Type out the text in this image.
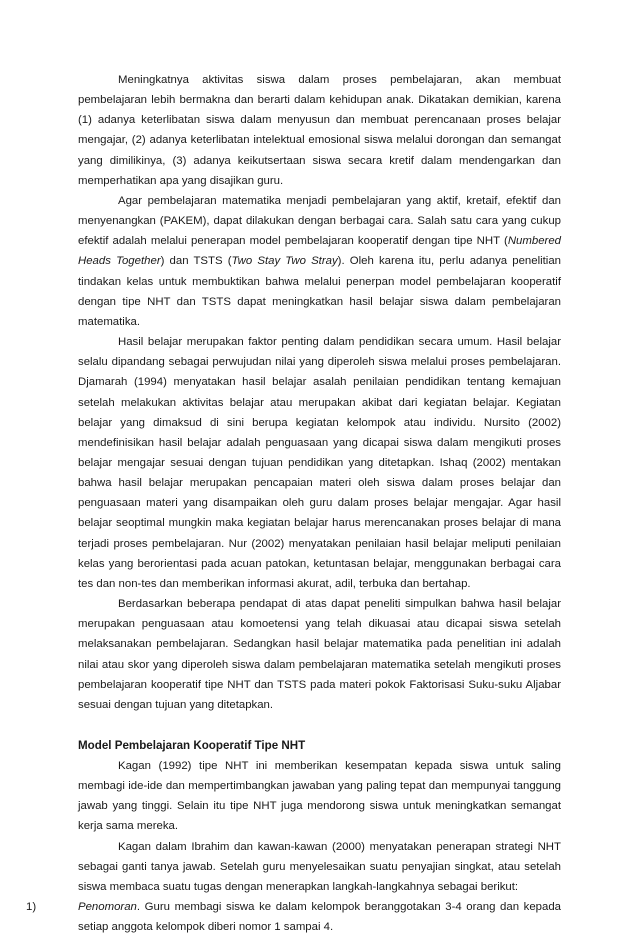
Meningkatnya aktivitas siswa dalam proses pembelajaran, akan membuat pembelajaran lebih bermakna dan berarti dalam kehidupan anak. Dikatakan demikian, karena (1) adanya keterlibatan siswa dalam menyusun dan membuat perencanaan proses belajar mengajar, (2) adanya keterlibatan intelektual emosional siswa melalui dorongan dan semangat yang dimilikinya, (3) adanya keikutsertaan siswa secara kretif dalam mendengarkan dan memperhatikan apa yang disajikan guru.

Agar pembelajaran matematika menjadi pembelajaran yang aktif, kretaif, efektif dan menyenangkan (PAKEM), dapat dilakukan dengan berbagai cara. Salah satu cara yang cukup efektif adalah melalui penerapan model pembelajaran kooperatif dengan tipe NHT (Numbered Heads Together) dan TSTS (Two Stay Two Stray). Oleh karena itu, perlu adanya penelitian tindakan kelas untuk membuktikan bahwa melalui penerpan model pembelajaran kooperatif dengan tipe NHT dan TSTS dapat meningkatkan hasil belajar siswa dalam pembelajaran matematika.

Hasil belajar merupakan faktor penting dalam pendidikan secara umum. Hasil belajar selalu dipandang sebagai perwujudan nilai yang diperoleh siswa melalui proses pembelajaran. Djamarah (1994) menyatakan hasil belajar asalah penilaian pendidikan tentang kemajuan setelah melakukan aktivitas belajar atau merupakan akibat dari kegiatan belajar. Kegiatan belajar yang dimaksud di sini berupa kegiatan kelompok atau individu. Nursito (2002) mendefinisikan hasil belajar adalah penguasaan yang dicapai siswa dalam mengikuti proses belajar mengajar sesuai dengan tujuan pendidikan yang ditetapkan. Ishaq (2002) mentakan bahwa hasil belajar merupakan pencapaian materi oleh siswa dalam proses belajar dan penguasaan materi yang disampaikan oleh guru dalam proses belajar mengajar. Agar hasil belajar seoptimal mungkin maka kegiatan belajar harus merencanakan proses belajar di mana terjadi proses pembelajaran. Nur (2002) menyatakan penilaian hasil belajar meliputi penilaian kelas yang berorientasi pada acuan patokan, ketuntasan belajar, menggunakan berbagai cara tes dan non-tes dan memberikan informasi akurat, adil, terbuka dan bertahap.

Berdasarkan beberapa pendapat di atas dapat peneliti simpulkan bahwa hasil belajar merupakan penguasaan atau komoetensi yang telah dikuasai atau dicapai siswa setelah melaksanakan pembelajaran. Sedangkan hasil belajar matematika pada penelitian ini adalah nilai atau skor yang diperoleh siswa dalam pembelajaran matematika setelah mengikuti proses pembelajaran kooperatif tipe NHT dan TSTS pada materi pokok Faktorisasi Suku-suku Aljabar sesuai dengan tujuan yang ditetapkan.

Model Pembelajaran Kooperatif Tipe NHT

Kagan (1992) tipe NHT ini memberikan kesempatan kepada siswa untuk saling membagi ide-ide dan mempertimbangkan jawaban yang paling tepat dan mempunyai tanggung jawab yang tinggi. Selain itu tipe NHT juga mendorong siswa untuk meningkatkan semangat kerja sama mereka.

Kagan dalam Ibrahim dan kawan-kawan (2000) menyatakan penerapan strategi NHT sebagai ganti tanya jawab. Setelah guru menyelesaikan suatu penyajian singkat, atau setelah siswa membaca suatu tugas dengan menerapkan langkah-langkahnya sebagai berikut:

1)	Penomoran. Guru membagi siswa ke dalam kelompok beranggotakan 3-4 orang dan kepada setiap anggota kelompok diberi nomor 1 sampai 4.
